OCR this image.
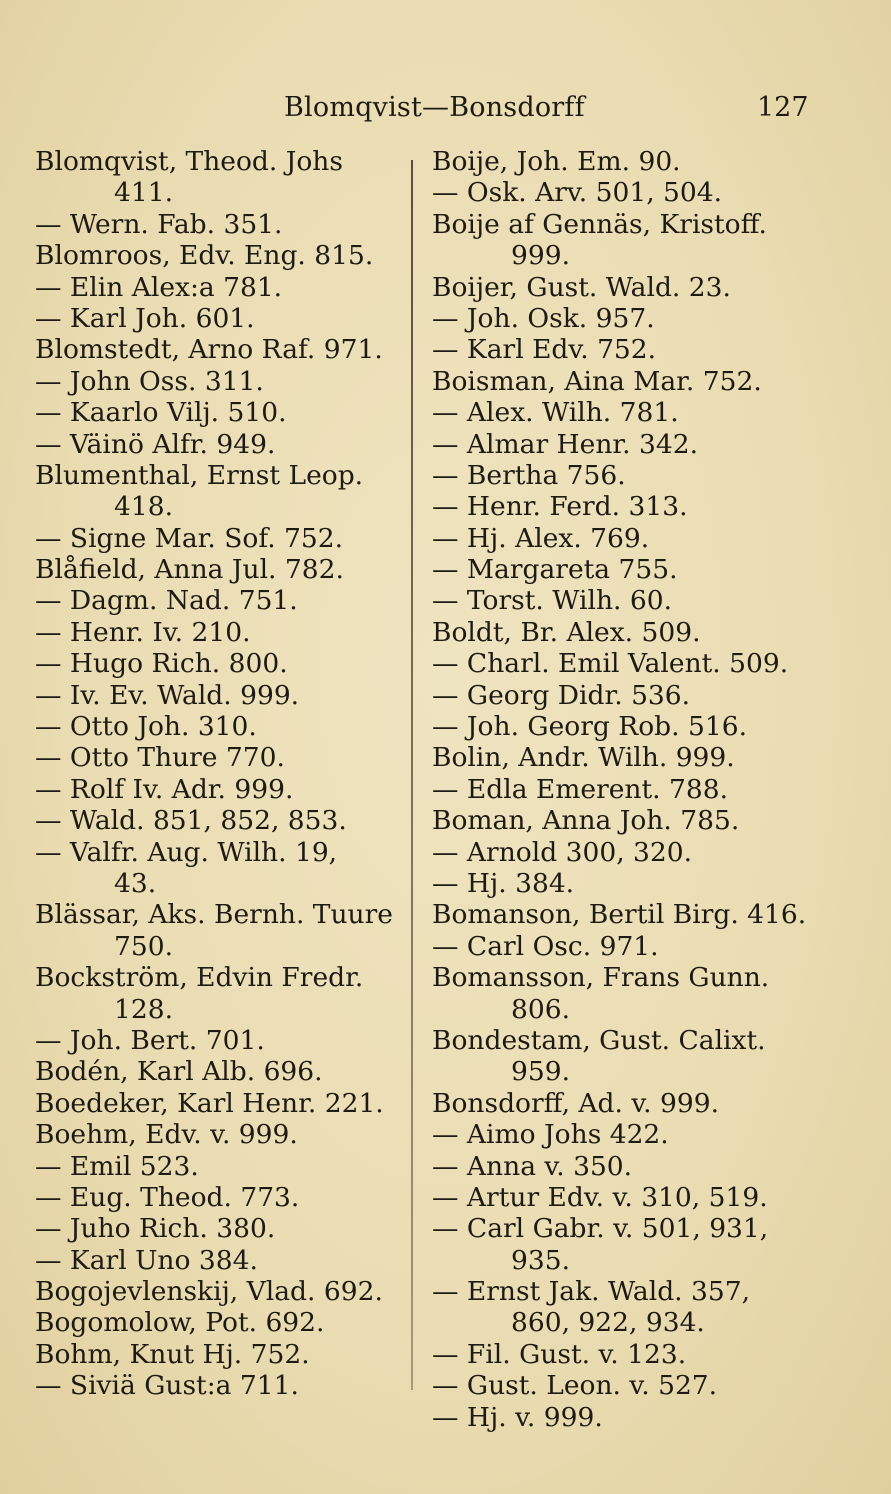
Blomqvist—Bonsdorff	127
Blomqvist, Theod. Johs
411.
— Wern. Fab. 351.
Blomroos, Edv. Eng. 815.
— Elin Alex:a 781.
— Karl Joh. 601.
Blomstedt, Arno Raf. 971.
— John Oss. 311.
— Kaarlo Vilj. 510.
— Väinö Alfr. 949.
Blumenthal, Ernst Leop.
418.
— Signe Mar. Sof. 752.
Blåfield, Anna Jul. 782.
— Dagm. Nad. 751.
— Henr. Iv. 210.
— Hugo Rich. 800.
— Iv. Ev. Wald. 999.
— Otto Joh. 310.
— Otto Thure 770.
— Rolf Iv. Adr. 999.
— Wald. 851, 852, 853.
— Valfr. Aug. Wilh. 19,
43.
Blässar, Aks. Bernh. Tuure
750.
Bockström, Edvin Fredr.
128.
— Joh. Bert. 701.
Bodén, Karl Alb. 696.
Boedeker, Karl Henr. 221.
Boehm, Edv. v. 999.
— Emil 523.
— Eug. Theod. 773.
— Juho Rich. 380.
— Karl Uno 384.
Bogojevlenskij, Vlad. 692.
Bogomolow, Pot. 692.
Bohm, Knut Hj. 752.
— Siviä Gust:a 711.
Boije, Joh. Em. 90.
— Osk. Arv. 501, 504.
Boije af Gennäs, Kristoff.
999.
Boijer, Gust. Wald. 23.
— Joh. Osk. 957.
— Karl Edv. 752.
Boisman, Aina Mar. 752.
— Alex. Wilh. 781.
— Almar Henr. 342.
— Bertha 756.
— Henr. Ferd. 313.
— Hj. Alex. 769.
— Margareta 755.
— Torst. Wilh. 60.
Boldt, Br. Alex. 509.
— Charl. Emil Valent. 509.
— Georg Didr. 536.
— Joh. Georg Rob. 516.
Bolin, Andr. Wilh. 999.
— Edla Emerent. 788.
Boman, Anna Joh. 785.
— Arnold 300, 320.
— Hj. 384.
Bomanson, Bertil Birg. 416.
— Carl Osc. 971.
Bomansson, Frans Gunn.
806.
Bondestam, Gust. Calixt.
959.
Bonsdorff, Ad. v. 999.
— Aimo Johs 422.
— Anna v. 350.
— Artur Edv. v. 310, 519.
— Carl Gabr. v. 501, 931,
935.
— Ernst Jak. Wald. 357,
860, 922, 934.
— Fil. Gust. v. 123.
— Gust. Leon. v. 527.
— Hj. v. 999.
